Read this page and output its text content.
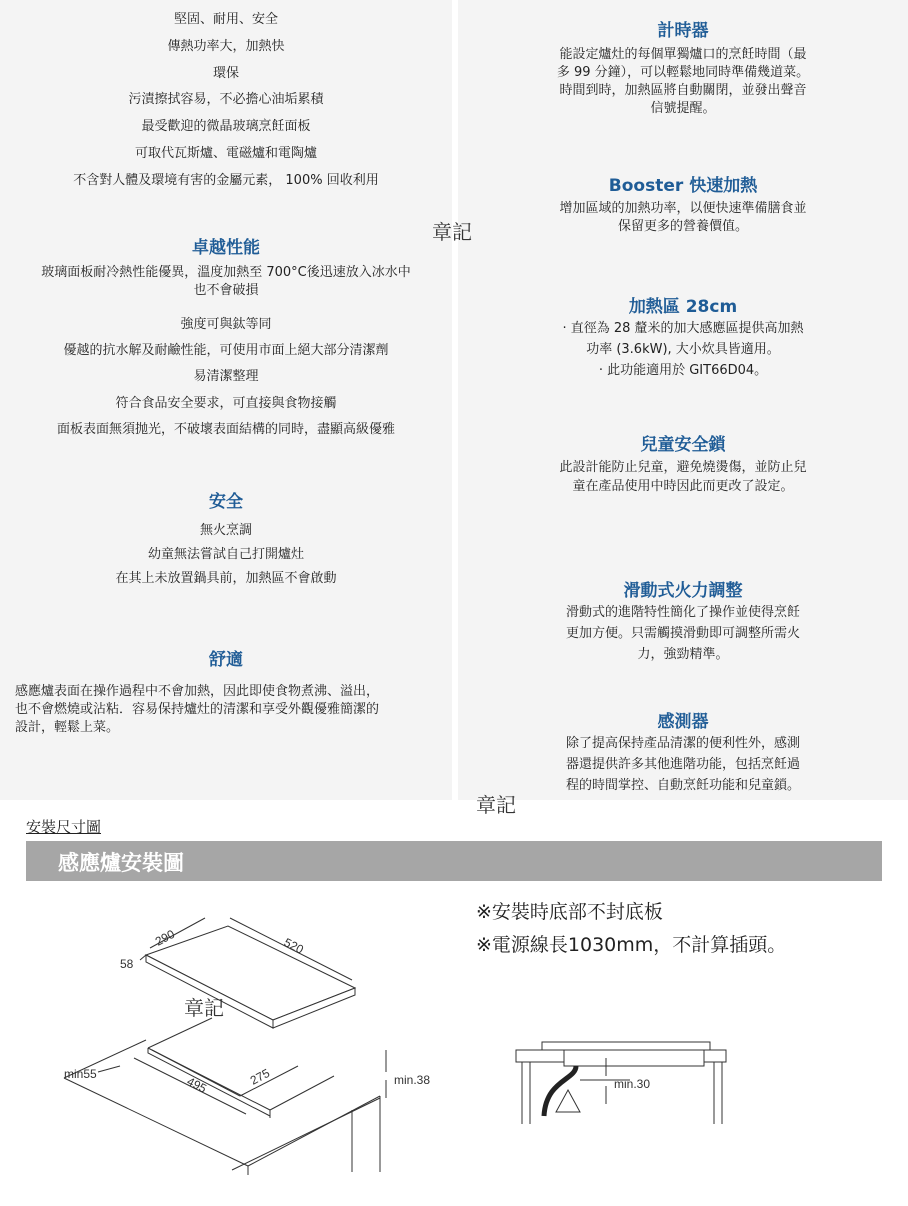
堅固、耐用、安全
傳熱功率大，加熱快
環保
污漬擦拭容易，不必擔心油垢累積
最受歡迎的微晶玻璃烹飪面板
可取代瓦斯爐、電磁爐和電陶爐
不含對人體及環境有害的金屬元素， 100% 回收利用
卓越性能
玻璃面板耐冷熱性能優異，溫度加熱至 700°C後迅速放入冰水中
也不會破損
強度可與鈦等同
優越的抗水解及耐鹼性能，可使用市面上絕大部分清潔劑
易清潔整理
符合食品安全要求，可直接與食物接觸
面板表面無須抛光，不破壞表面結構的同時，盡顯高級優雅
安全
無火烹調
幼童無法嘗試自己打開爐灶
在其上未放置鍋具前，加熱區不會啟動
舒適
感應爐表面在操作過程中不會加熱，因此即使食物煮沸、溢出，
也不會燃燒或沾粘．容易保持爐灶的清潔和享受外觀優雅簡潔的
設計，輕鬆上菜。
計時器
能設定爐灶的每個單獨爐口的烹飪時間（最
多 99 分鐘），可以輕鬆地同時準備幾道菜。
時間到時，加熱區將自動關閉，並發出聲音
信號提醒。
Booster 快速加熱
增加區域的加熱功率，以便快速準備膳食並
保留更多的營養價值。
加熱區 28cm
· 直徑為 28 釐米的加大感應區提供高加熱
功率 (3.6kW), 大小炊具皆適用。
· 此功能適用於 GIT66D04。
兒童安全鎖
此設計能防止兒童，避免燒燙傷，並防止兒
童在產品使用中時因此而更改了設定。
滑動式火力調整
滑動式的進階特性簡化了操作並使得烹飪
更加方便。只需觸摸滑動即可調整所需火
力，強勁精準。
感測器
除了提高保持產品清潔的便利性外，感測
器還提供許多其他進階功能，包括烹飪過
程的時間掌控、自動烹飪功能和兒童鎖。
章記
章記
章記
安裝尺寸圖
感應爐安裝圖
※安裝時底部不封底板
※電源線長1030mm，不計算插頭。
290	520
58
275
495
min55	min.38	min.30
